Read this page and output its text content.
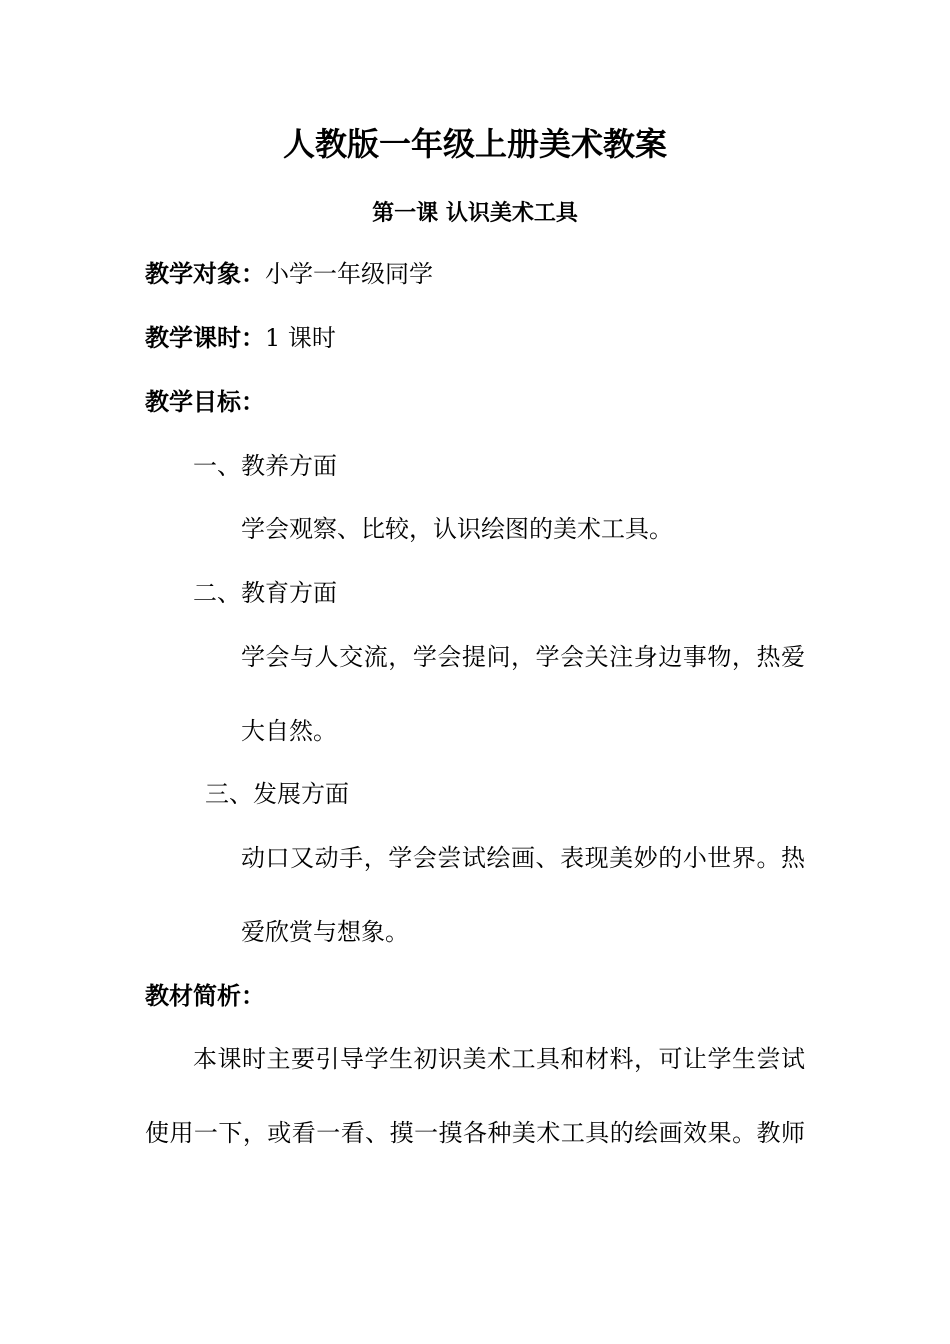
人教版一年级上册美术教案
第一课 认识美术工具
教学对象：小学一年级同学
教学课时：1 课时
教学目标：
一、教养方面
学会观察、比较，认识绘图的美术工具。
二、教育方面
学会与人交流，学会提问，学会关注身边事物，热爱
大自然。
三、发展方面
动口又动手，学会尝试绘画、表现美妙的小世界。热
爱欣赏与想象。
教材简析：
本课时主要引导学生初识美术工具和材料，可让学生尝试
使用一下，或看一看、摸一摸各种美术工具的绘画效果。教师
